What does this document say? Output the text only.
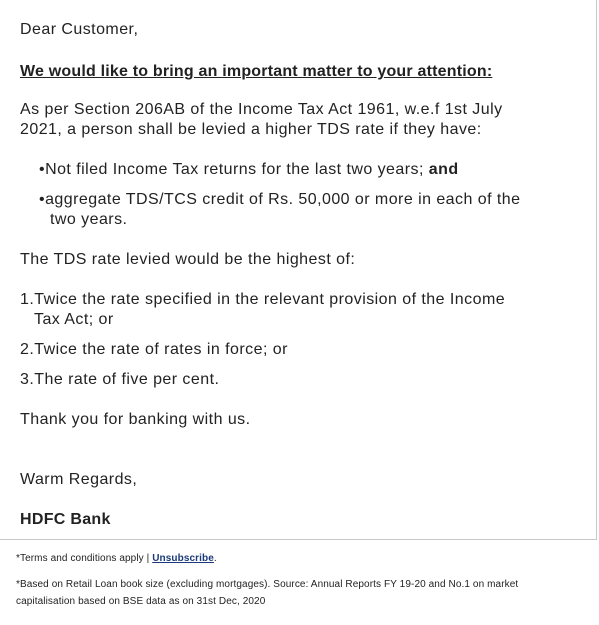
Dear Customer,

We would like to bring an important matter to your attention:

As per Section 206AB of the Income Tax Act 1961, w.e.f 1st July
2021, a person shall be levied a higher TDS rate if they have:
•Not filed Income Tax returns for the last two years; and
•aggregate TDS/TCS credit of Rs. 50,000 or more in each of the
two years.

The TDS rate levied would be the highest of:

1.Twice the rate specified in the relevant provision of the Income
Tax Act; or
2.Twice the rate of rates in force; or
3.The rate of five per cent.

Thank you for banking with us.

Warm Regards,

HDFC Bank

*Terms and conditions apply | Unsubscribe.
*Based on Retail Loan book size (excluding mortgages). Source: Annual Reports FY 19-20 and No.1 on market
capitalisation based on BSE data as on 31st Dec, 2020
